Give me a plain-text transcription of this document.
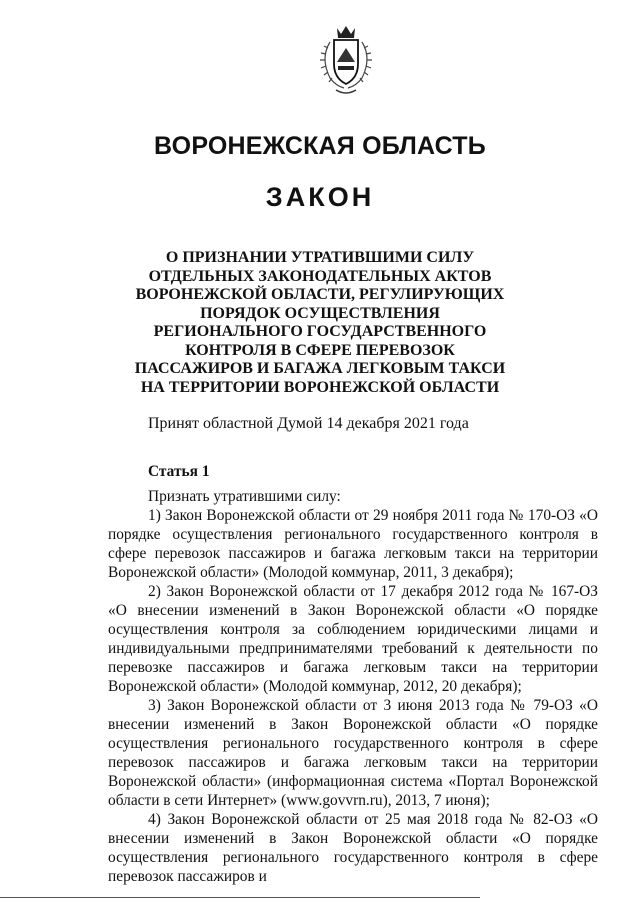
ВОРОНЕЖСКАЯ ОБЛАСТЬ
ЗАКОН
О ПРИЗНАНИИ УТРАТИВШИМИ СИЛУ
ОТДЕЛЬНЫХ ЗАКОНОДАТЕЛЬНЫХ АКТОВ
ВОРОНЕЖСКОЙ ОБЛАСТИ, РЕГУЛИРУЮЩИХ
ПОРЯДОК ОСУЩЕСТВЛЕНИЯ
РЕГИОНАЛЬНОГО ГОСУДАРСТВЕННОГО
КОНТРОЛЯ В СФЕРЕ ПЕРЕВОЗОК
ПАССАЖИРОВ И БАГАЖА ЛЕГКОВЫМ ТАКСИ
НА ТЕРРИТОРИИ ВОРОНЕЖСКОЙ ОБЛАСТИ

Принят областной Думой 14 декабря 2021 года

Статья 1

Признать утратившими силу:

1) Закон Воронежской области от 29 ноября 2011 года № 170-ОЗ «О порядке осуществления регионального государственного контроля в сфере перевозок пассажиров и багажа легковым такси на территории Воронежской области» (Молодой коммунар, 2011, 3 декабря);

2) Закон Воронежской области от 17 декабря 2012 года № 167-ОЗ «О внесении изменений в Закон Воронежской области «О порядке осуществления контроля за соблюдением юридическими лицами и индивидуальными предпринимателями требований к деятельности по перевозке пассажиров и багажа легковым такси на территории Воронежской области» (Молодой коммунар, 2012, 20 декабря);

3) Закон Воронежской области от 3 июня 2013 года № 79-ОЗ «О внесении изменений в Закон Воронежской области «О порядке осуществления регионального государственного контроля в сфере перевозок пассажиров и багажа легковым такси на территории Воронежской области» (информационная система «Портал Воронежской области в сети Интернет» (www.govvrn.ru), 2013, 7 июня);

4) Закон Воронежской области от 25 мая 2018 года № 82-ОЗ «О внесении изменений в Закон Воронежской области «О порядке осуществления регионального государственного контроля в сфере перевозок пассажиров и
